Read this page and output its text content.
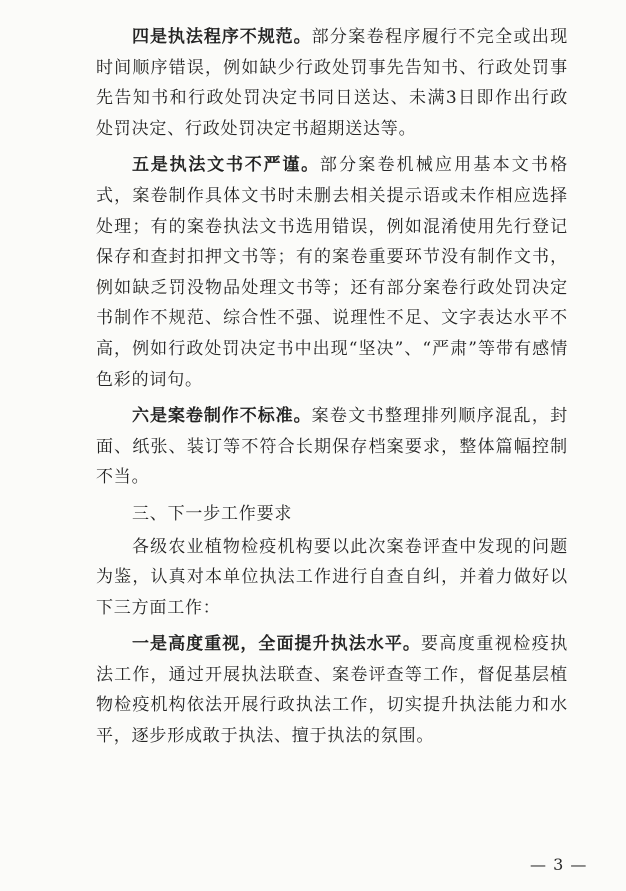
四是执法程序不规范。部分案卷程序履行不完全或出现时间顺序错误，例如缺少行政处罚事先告知书、行政处罚事先告知书和行政处罚决定书同日送达、未满3日即作出行政处罚决定、行政处罚决定书超期送达等。

五是执法文书不严谨。部分案卷机械应用基本文书格式，案卷制作具体文书时未删去相关提示语或未作相应选择处理；有的案卷执法文书选用错误，例如混淆使用先行登记保存和查封扣押文书等；有的案卷重要环节没有制作文书，例如缺乏罚没物品处理文书等；还有部分案卷行政处罚决定书制作不规范、综合性不强、说理性不足、文字表达水平不高，例如行政处罚决定书中出现“坚决”、“严肃”等带有感情色彩的词句。

六是案卷制作不标准。案卷文书整理排列顺序混乱，封面、纸张、装订等不符合长期保存档案要求，整体篇幅控制不当。

三、下一步工作要求

各级农业植物检疫机构要以此次案卷评查中发现的问题为鉴，认真对本单位执法工作进行自查自纠，并着力做好以下三方面工作：

一是高度重视，全面提升执法水平。要高度重视检疫执法工作，通过开展执法联查、案卷评查等工作，督促基层植物检疫机构依法开展行政执法工作，切实提升执法能力和水平，逐步形成敢于执法、擅于执法的氛围。

— 3 —
